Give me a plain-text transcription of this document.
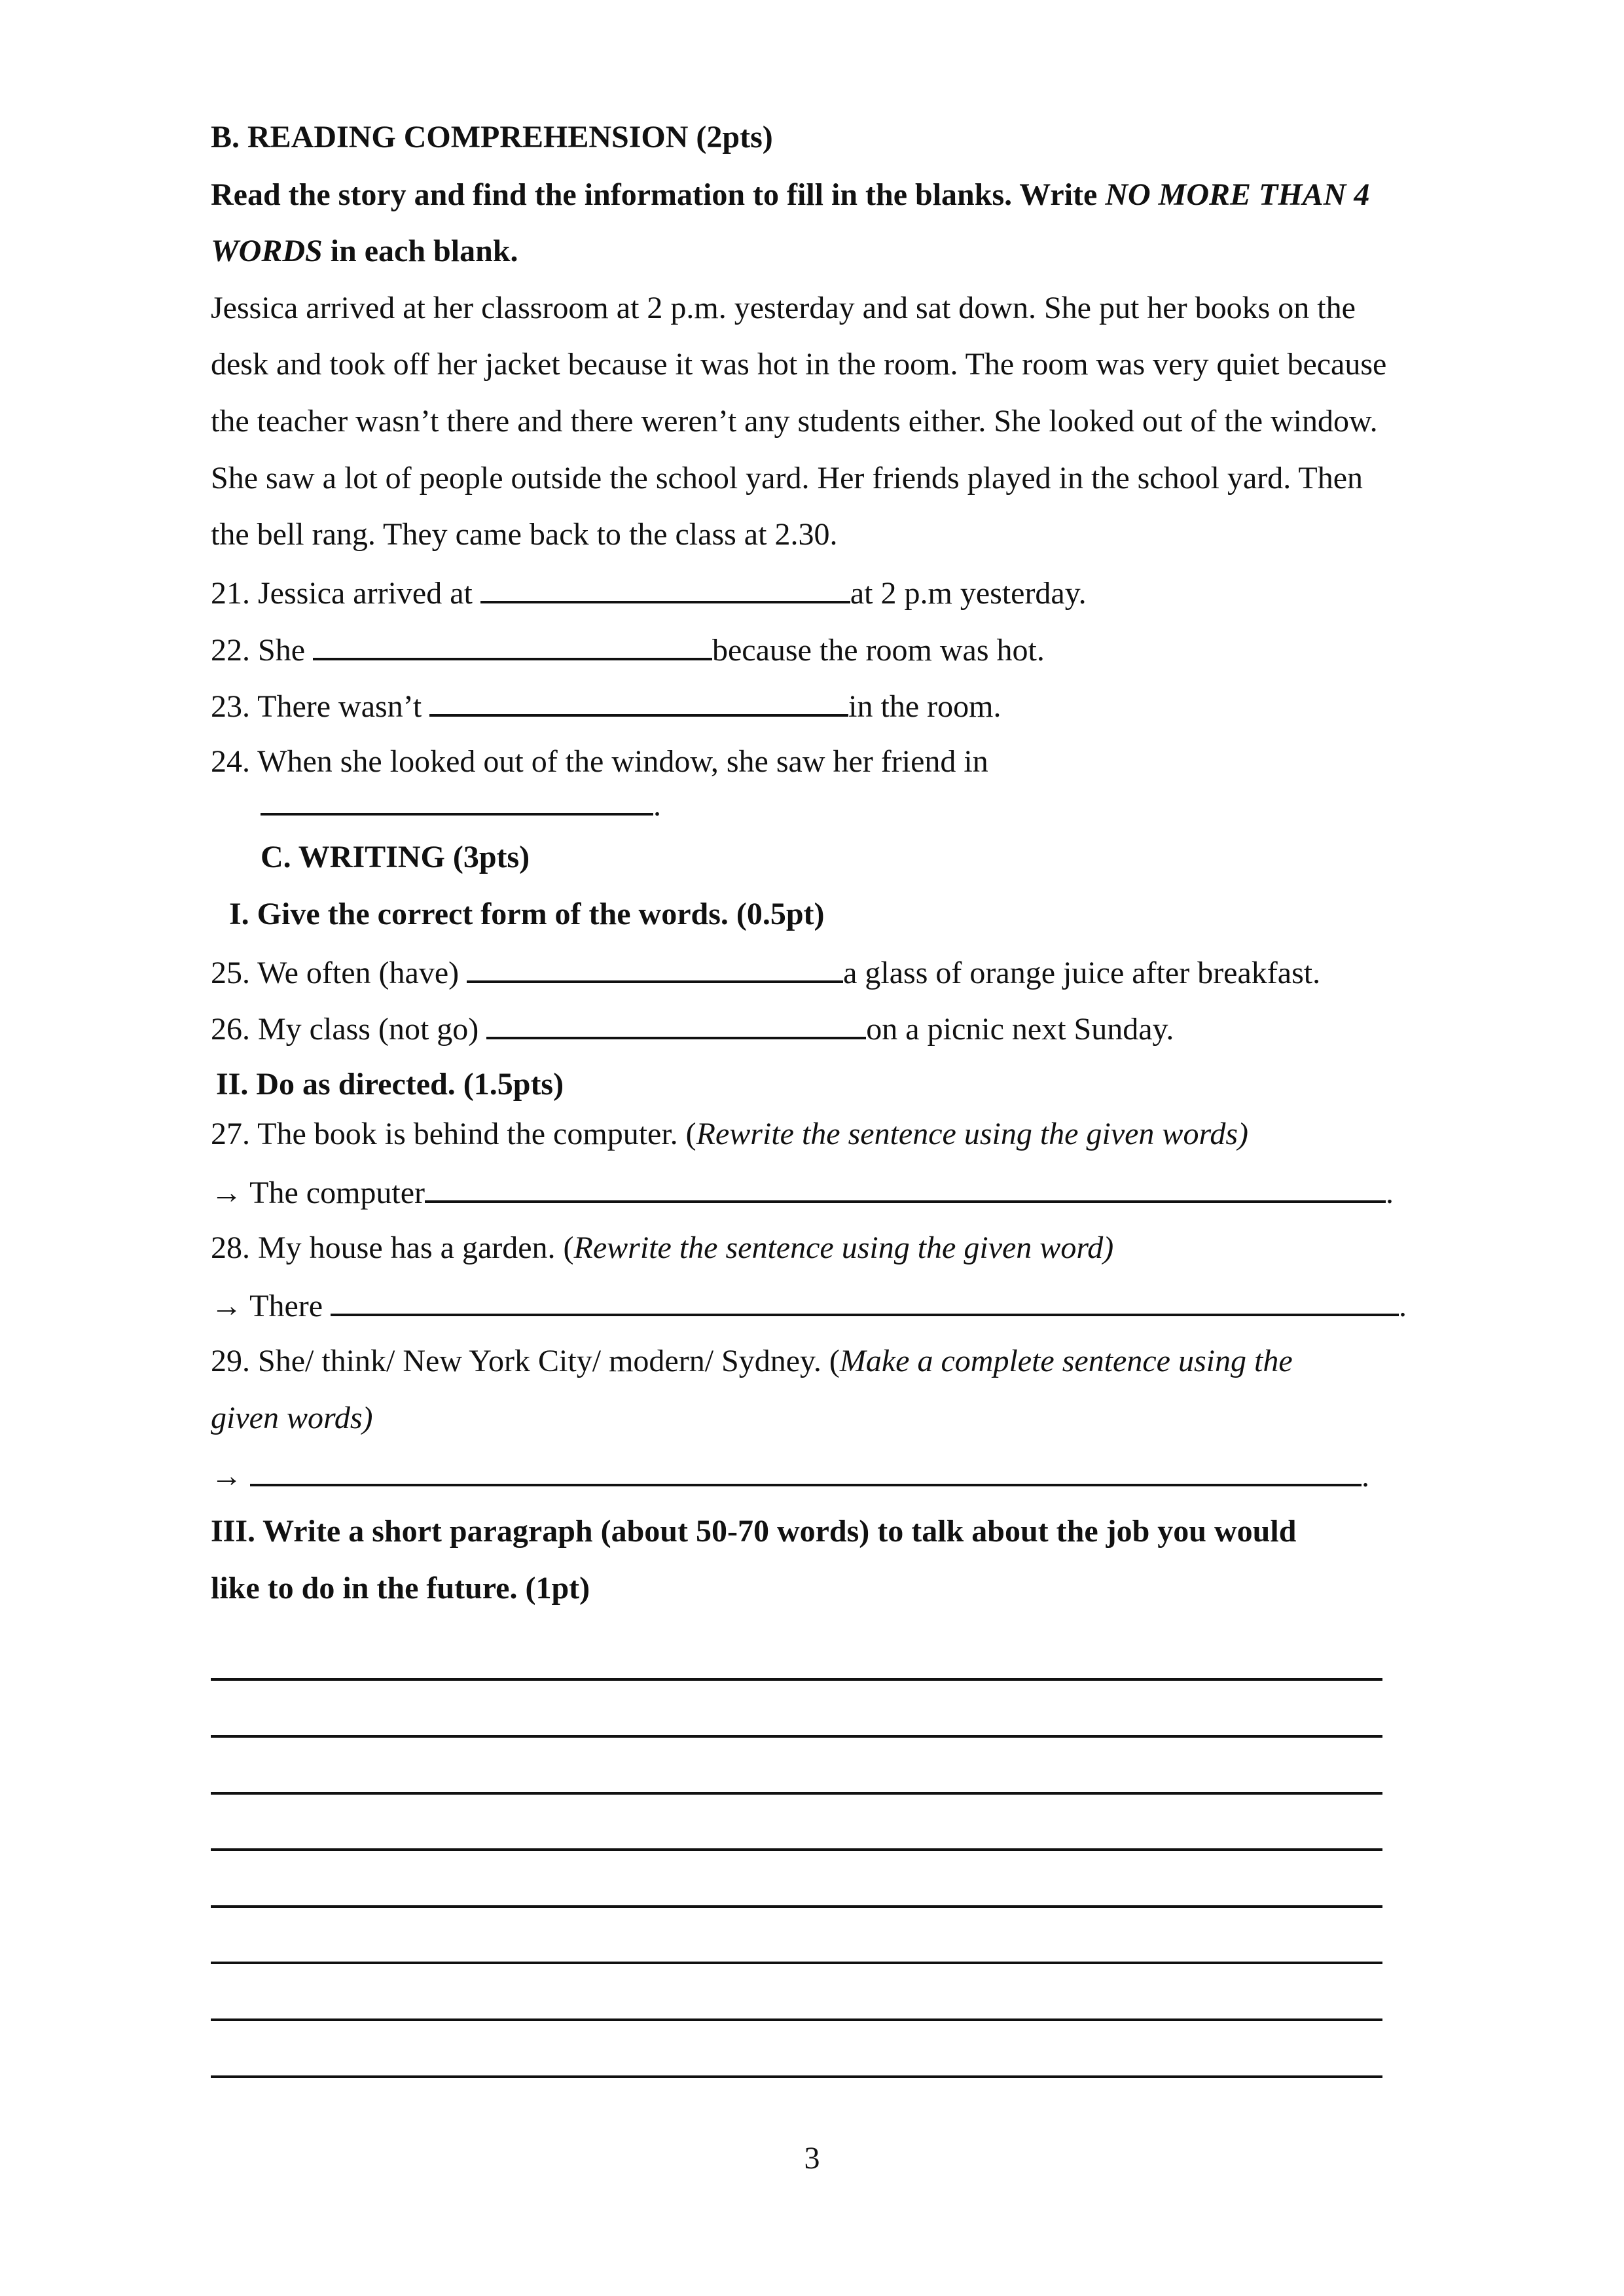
B. READING COMPREHENSION (2pts)
Read the story and find the information to fill in the blanks. Write NO MORE THAN 4
WORDS in each blank.
Jessica arrived at her classroom at 2 p.m. yesterday and sat down. She put her books on the
desk and took off her jacket because it was hot in the room. The room was very quiet because
the teacher wasn’t there and there weren’t any students either. She looked out of the window.
She saw a lot of people outside the school yard. Her friends played in the school yard. Then
the bell rang. They came back to the class at 2.30.
21. Jessica arrived at	at 2 p.m yesterday.
22. She	because the room was hot.
23. There wasn’t	in the room.
24. When she looked out of the window, she saw her friend in
.
C. WRITING (3pts)
I. Give the correct form of the words. (0.5pt)
25. We often (have)	a glass of orange juice after breakfast.
26. My class (not go)	on a picnic next Sunday.
II. Do as directed. (1.5pts)
27. The book is behind the computer. (Rewrite the sentence using the given words)
→ The computer	.
28. My house has a garden. (Rewrite the sentence using the given word)
→ There	.
29. She/ think/ New York City/ modern/ Sydney. (Make a complete sentence using the
given words)
→	.
III. Write a short paragraph (about 50-70 words) to talk about the job you would
like to do in the future. (1pt)
3
